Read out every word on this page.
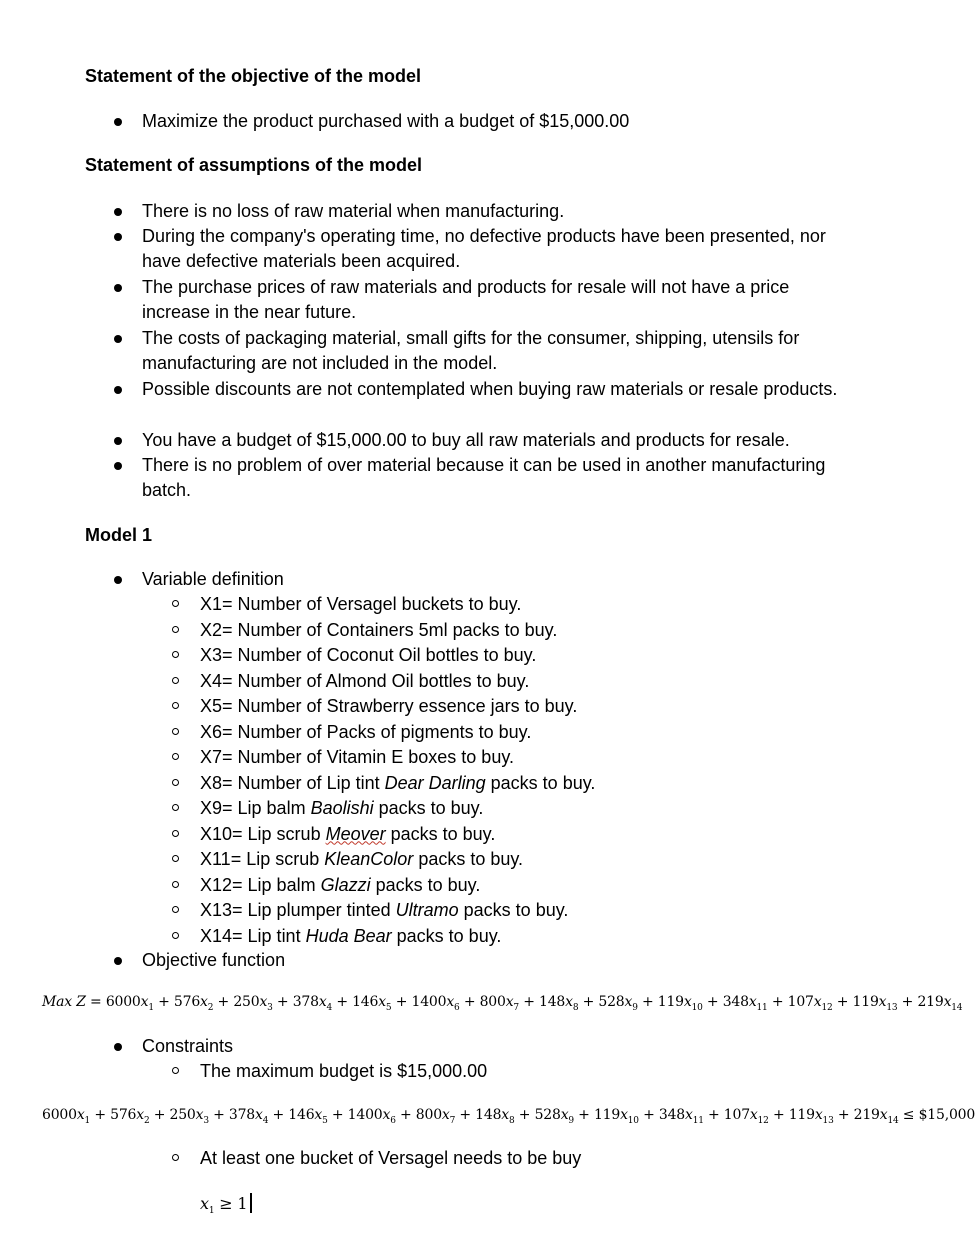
Statement of the objective of the model
Maximize the product purchased with a budget of $15,000.00
Statement of assumptions of the model
There is no loss of raw material when manufacturing.
During the company's operating time, no defective products have been presented, nor have defective materials been acquired.
The purchase prices of raw materials and products for resale will not have a price increase in the near future.
The costs of packaging material, small gifts for the consumer, shipping, utensils for manufacturing are not included in the model.
Possible discounts are not contemplated when buying raw materials or resale products.
You have a budget of $15,000.00 to buy all raw materials and products for resale.
There is no problem of over material because it can be used in another manufacturing batch.
Model 1
Variable definition
X1= Number of Versagel buckets to buy.
X2= Number of Containers 5ml packs to buy.
X3= Number of Coconut Oil bottles to buy.
X4= Number of Almond Oil bottles to buy.
X5= Number of Strawberry essence jars to buy.
X6= Number of Packs of pigments to buy.
X7= Number of Vitamin E boxes to buy.
X8= Number of Lip tint Dear Darling packs to buy.
X9= Lip balm Baolishi packs to buy.
X10= Lip scrub Meover packs to buy.
X11= Lip scrub KleanColor packs to buy.
X12= Lip balm Glazzi packs to buy.
X13= Lip plumper tinted Ultramo packs to buy.
X14= Lip tint Huda Bear packs to buy.
Objective function
Max $Z = 6000x_1 + 576x_2 + 250x_3 + 378x_4 + 146x_5 + 1400x_6 + 800x_7 + 148x_8 + 528x_9 + 119x_{10} + 348x_{11} + 107x_{12} + 119x_{13} + 219x_{14}$
Constraints
The maximum budget is $15,000.00
$6000x_1 + 576x_2 + 250x_3 + 378x_4 + 146x_5 + 1400x_6 + 800x_7 + 148x_8 + 528x_9 + 119x_{10} + 348x_{11} + 107x_{12} + 119x_{13} + 219x_{14}$ ≤ $15,000
At least one bucket of Versagel needs to be buy
$x_1 \ge 1$
